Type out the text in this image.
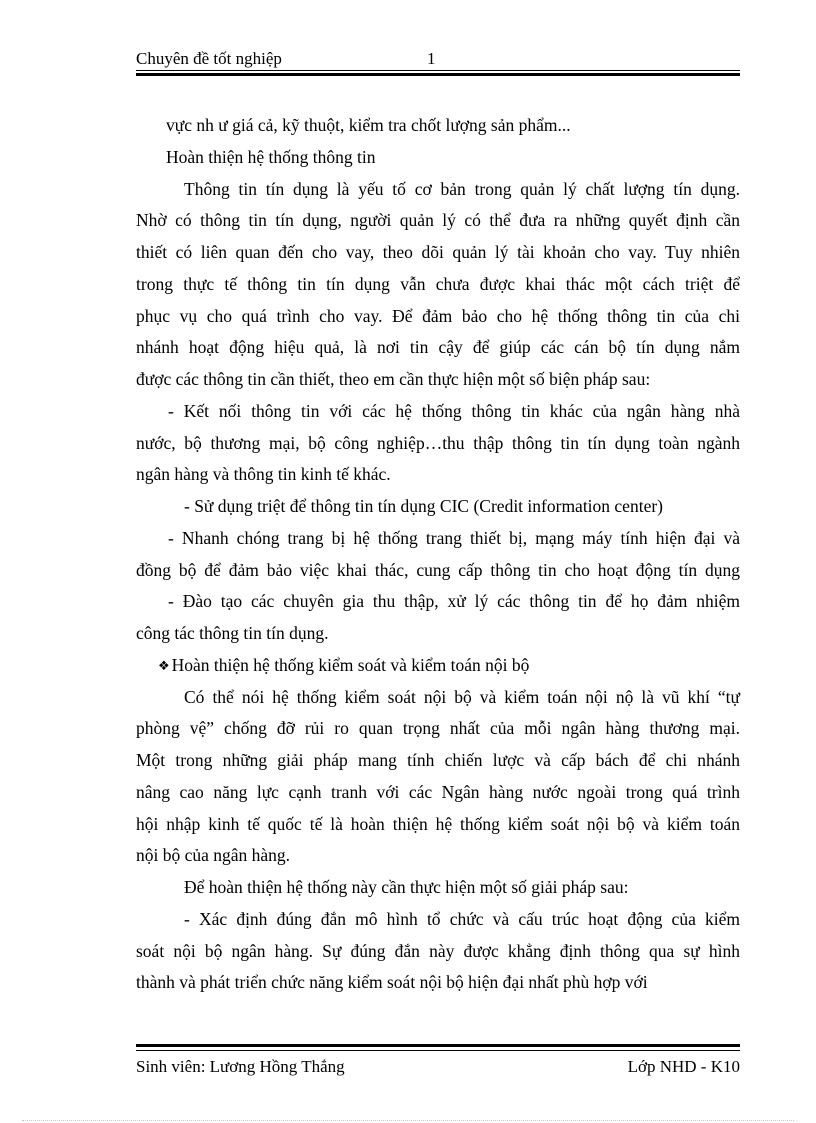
Chuyên đề tốt nghiệp	1
vực nh ư giá cả, kỹ thuột, kiểm tra chốt lượng sản phẩm...
Hoàn thiện hệ thống thông tin
Thông tin tín dụng là yếu tố cơ bản trong quản lý chất lượng tín dụng.
Nhờ có thông tin tín dụng, người quản lý có thể đưa ra những quyết định cần
thiết có liên quan đến cho vay, theo dõi quản lý tài khoản cho vay. Tuy nhiên
trong thực tế thông tin tín dụng vẫn chưa được khai thác một cách triệt để
phục vụ cho quá trình cho vay. Để đảm bảo cho hệ thống thông tin của chi
nhánh hoạt động hiệu quả, là nơi tin cậy để giúp các cán bộ tín dụng nắm
được các thông tin cần thiết, theo em cần thực hiện một số biện pháp sau:
- Kết nối thông tin với các hệ thống thông tin khác của ngân hàng nhà
nước, bộ thương mại, bộ công nghiệp…thu thập thông tin tín dụng toàn ngành
ngân hàng và thông tin kinh tế khác.
- Sử dụng triệt để thông tin tín dụng CIC (Credit information center)
- Nhanh chóng trang bị hệ thống trang thiết bị, mạng máy tính hiện đại và
đồng bộ để đảm bảo việc khai thác, cung cấp thông tin cho hoạt động tín dụng
- Đào tạo các chuyên gia thu thập, xử lý các thông tin để họ đảm nhiệm
công tác thông tin tín dụng.
❖ Hoàn thiện hệ thống kiểm soát và kiểm toán nội bộ
Có thể nói hệ thống kiểm soát nội bộ và kiểm toán nội nộ là vũ khí “tự
phòng vệ” chống đỡ rủi ro quan trọng nhất của mỗi ngân hàng thương mại.
Một trong những giải pháp mang tính chiến lược và cấp bách để chi nhánh
nâng cao năng lực cạnh tranh với các Ngân hàng nước ngoài trong quá trình
hội nhập kinh tế quốc tế là hoàn thiện hệ thống kiểm soát nội bộ và kiểm toán
nội bộ của ngân hàng.
Để hoàn thiện hệ thống này cần thực hiện một số giải pháp sau:
- Xác định đúng đắn mô hình tổ chức và cấu trúc hoạt động của kiểm
soát nội bộ ngân hàng. Sự đúng đắn này được khẳng định thông qua sự hình
thành và phát triển chức năng kiểm soát nội bộ hiện đại nhất phù hợp với
Sinh viên: Lương Hồng Thắng	Lớp NHD - K10
